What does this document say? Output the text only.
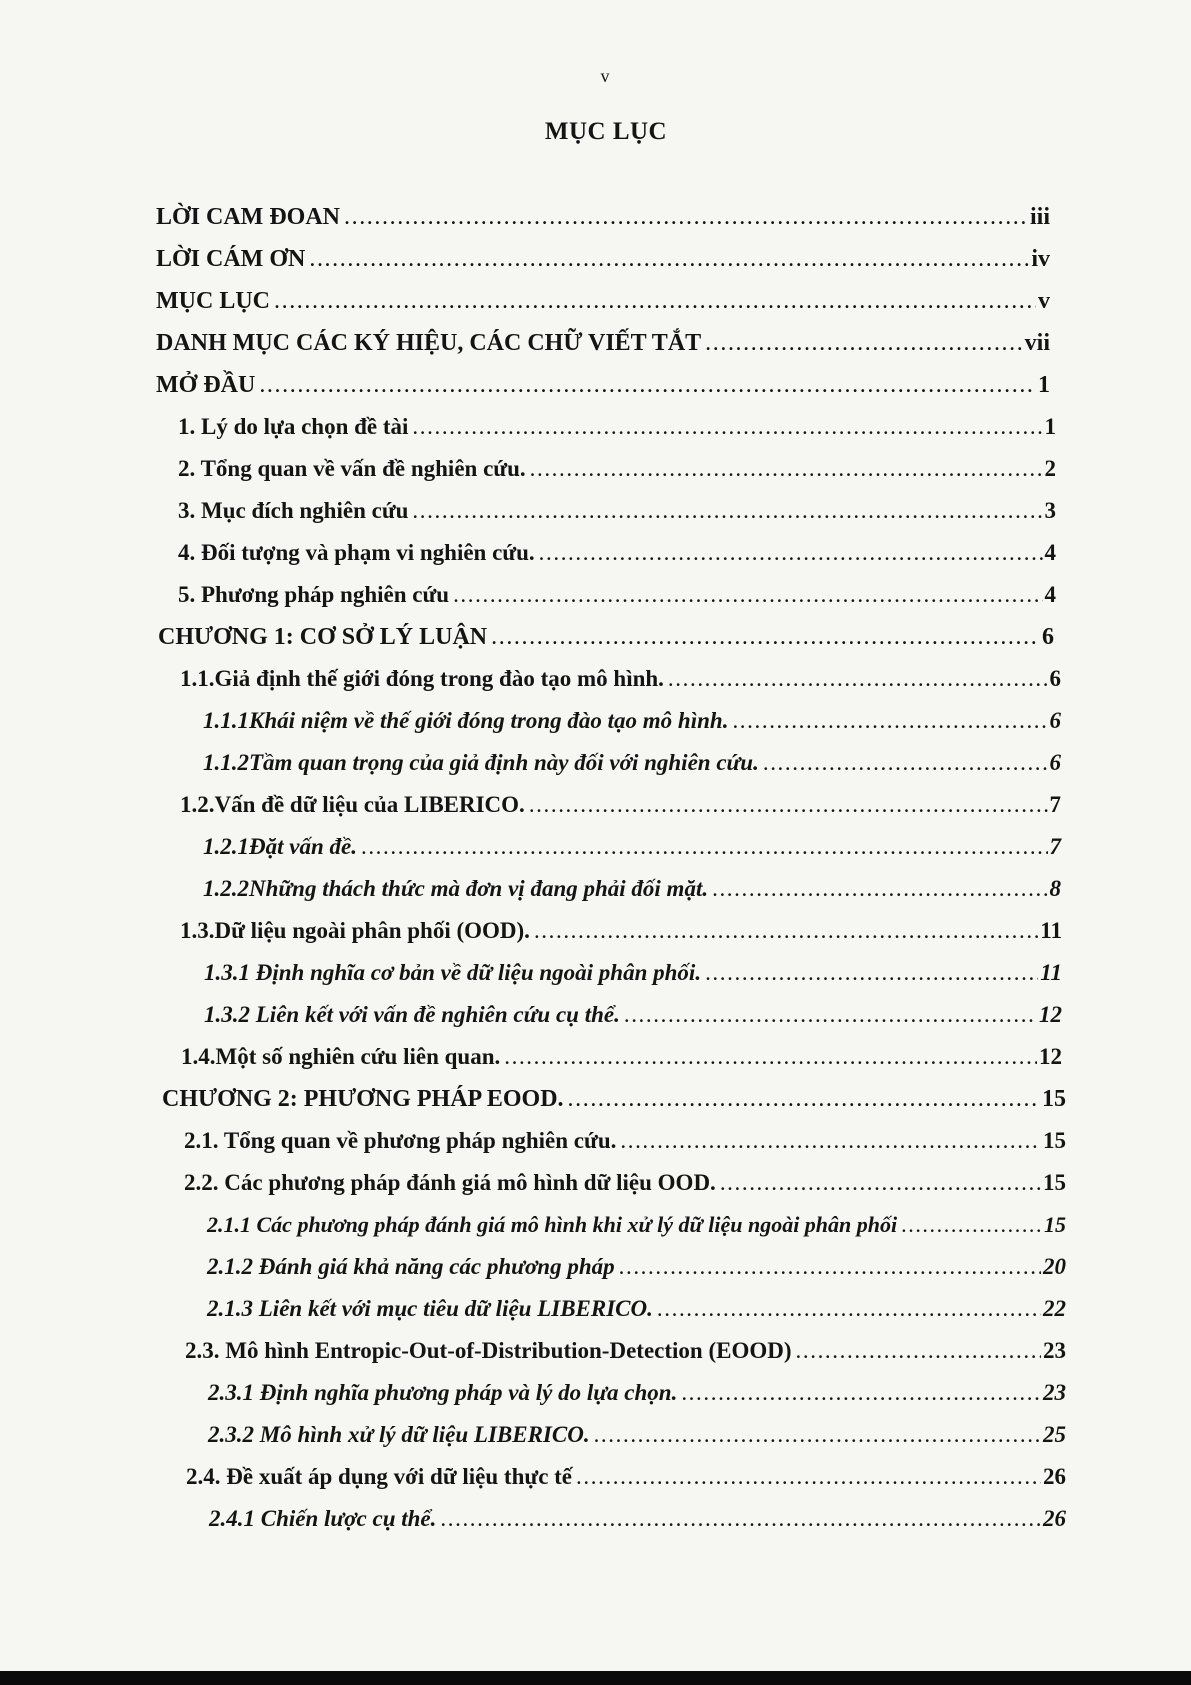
v
MỤC LỤC
LỜI CAM ĐOAN .....	iii
LỜI CÁM ƠN .....	iv
MỤC LỤC .....	v
DANH MỤC CÁC KÝ HIỆU, CÁC CHỮ VIẾT TẮT .....	vii
MỞ ĐẦU .....	1
1. Lý do lựa chọn đề tài .....	1
2. Tổng quan về vấn đề nghiên cứu. .....	2
3. Mục đích nghiên cứu .....	3
4. Đối tượng và phạm vi nghiên cứu. .....	4
5. Phương pháp nghiên cứu .....	4
CHƯƠNG 1: CƠ SỞ LÝ LUẬN .....	6
1.1. Giả định thế giới đóng trong đào tạo mô hình. .....	6
1.1.1 Khái niệm về thế giới đóng trong đào tạo mô hình. .....	6
1.1.2 Tầm quan trọng của giả định này đối với nghiên cứu. .....	6
1.2. Vấn đề dữ liệu của LIBERICO. .....	7
1.2.1 Đặt vấn đề. .....	7
1.2.2 Những thách thức mà đơn vị đang phải đối mặt. .....	8
1.3. Dữ liệu ngoài phân phối (OOD). .....	11
1.3.1 Định nghĩa cơ bản về dữ liệu ngoài phân phối. .....	11
1.3.2 Liên kết với vấn đề nghiên cứu cụ thể. .....	12
1.4. Một số nghiên cứu liên quan. .....	12
CHƯƠNG 2: PHƯƠNG PHÁP EOOD. .....	15
2.1. Tổng quan về phương pháp nghiên cứu. .....	15
2.2. Các phương pháp đánh giá mô hình dữ liệu OOD. .....	15
2.1.1 Các phương pháp đánh giá mô hình khi xử lý dữ liệu ngoài phân phối .....	15
2.1.2 Đánh giá khả năng các phương pháp .....	20
2.1.3 Liên kết với mục tiêu dữ liệu LIBERICO. .....	22
2.3. Mô hình Entropic-Out-of-Distribution-Detection (EOOD) .....	23
2.3.1 Định nghĩa phương pháp và lý do lựa chọn. .....	23
2.3.2 Mô hình xử lý dữ liệu LIBERICO. .....	25
2.4. Đề xuất áp dụng với dữ liệu thực tế .....	26
2.4.1 Chiến lược cụ thể. .....	26
